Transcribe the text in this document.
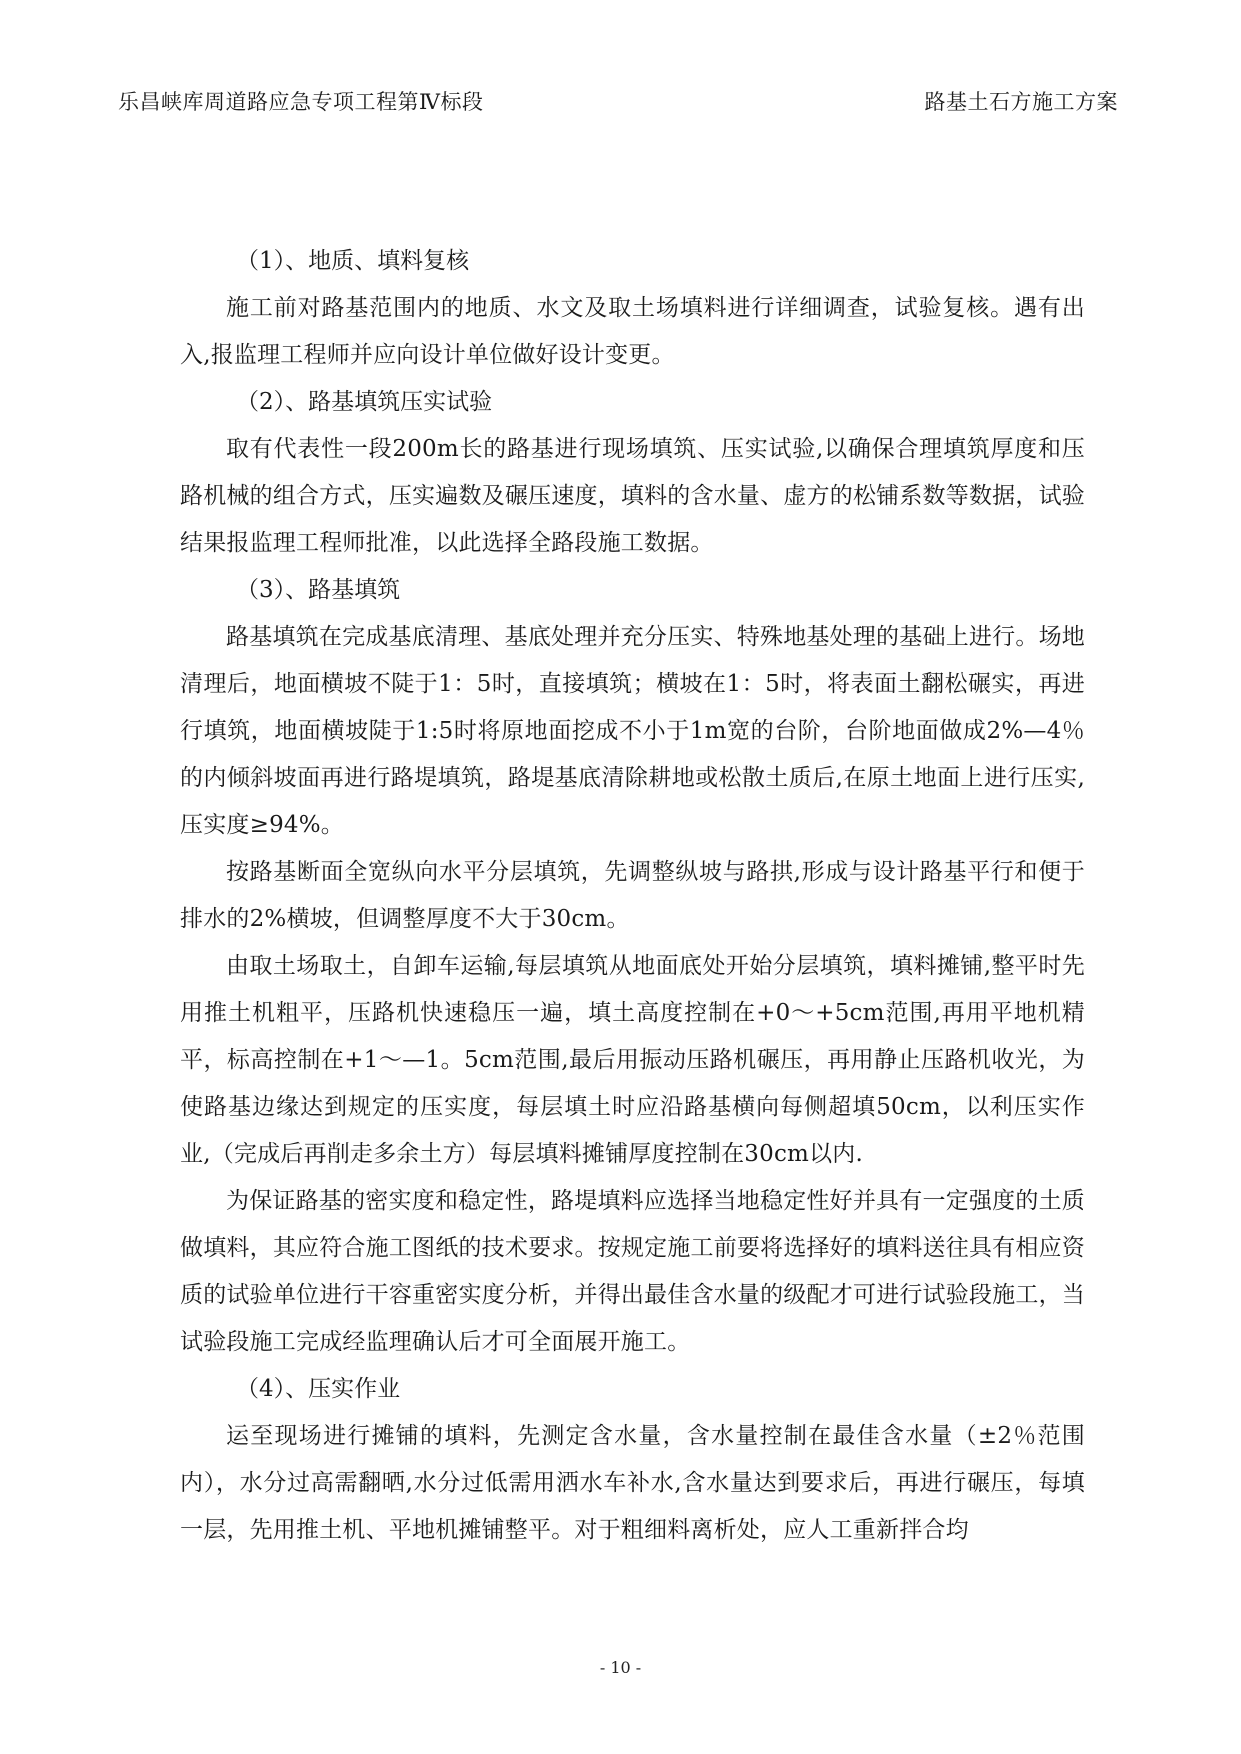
乐昌峡库周道路应急专项工程第Ⅳ标段	路基土石方施工方案

（1）、地质、填料复核

施工前对路基范围内的地质、水文及取土场填料进行详细调查，试验复核。遇有出入,报监理工程师并应向设计单位做好设计变更。

（2）、路基填筑压实试验

取有代表性一段200m长的路基进行现场填筑、压实试验,以确保合理填筑厚度和压路机械的组合方式，压实遍数及碾压速度，填料的含水量、虚方的松铺系数等数据，试验结果报监理工程师批准，以此选择全路段施工数据。

（3）、路基填筑

路基填筑在完成基底清理、基底处理并充分压实、特殊地基处理的基础上进行。场地清理后，地面横坡不陡于1：5时，直接填筑；横坡在1：5时，将表面土翻松碾实，再进行填筑，地面横坡陡于1:5时将原地面挖成不小于1m宽的台阶，台阶地面做成2%—4％的内倾斜坡面再进行路堤填筑，路堤基底清除耕地或松散土质后,在原土地面上进行压实,压实度≥94%。

按路基断面全宽纵向水平分层填筑，先调整纵坡与路拱,形成与设计路基平行和便于排水的2%横坡，但调整厚度不大于30cm。

由取土场取土，自卸车运输,每层填筑从地面底处开始分层填筑，填料摊铺,整平时先用推土机粗平，压路机快速稳压一遍，填土高度控制在+0～+5cm范围,再用平地机精平，标高控制在+1～—1。5cm范围,最后用振动压路机碾压，再用静止压路机收光，为使路基边缘达到规定的压实度，每层填土时应沿路基横向每侧超填50cm，以利压实作业,（完成后再削走多余土方）每层填料摊铺厚度控制在30cm以内.

为保证路基的密实度和稳定性，路堤填料应选择当地稳定性好并具有一定强度的土质做填料，其应符合施工图纸的技术要求。按规定施工前要将选择好的填料送往具有相应资质的试验单位进行干容重密实度分析，并得出最佳含水量的级配才可进行试验段施工，当试验段施工完成经监理确认后才可全面展开施工。

（4）、压实作业

运至现场进行摊铺的填料，先测定含水量，含水量控制在最佳含水量（±2％范围内），水分过高需翻晒,水分过低需用洒水车补水,含水量达到要求后，再进行碾压，每填一层，先用推土机、平地机摊铺整平。对于粗细料离析处，应人工重新拌合均

- 10 -
